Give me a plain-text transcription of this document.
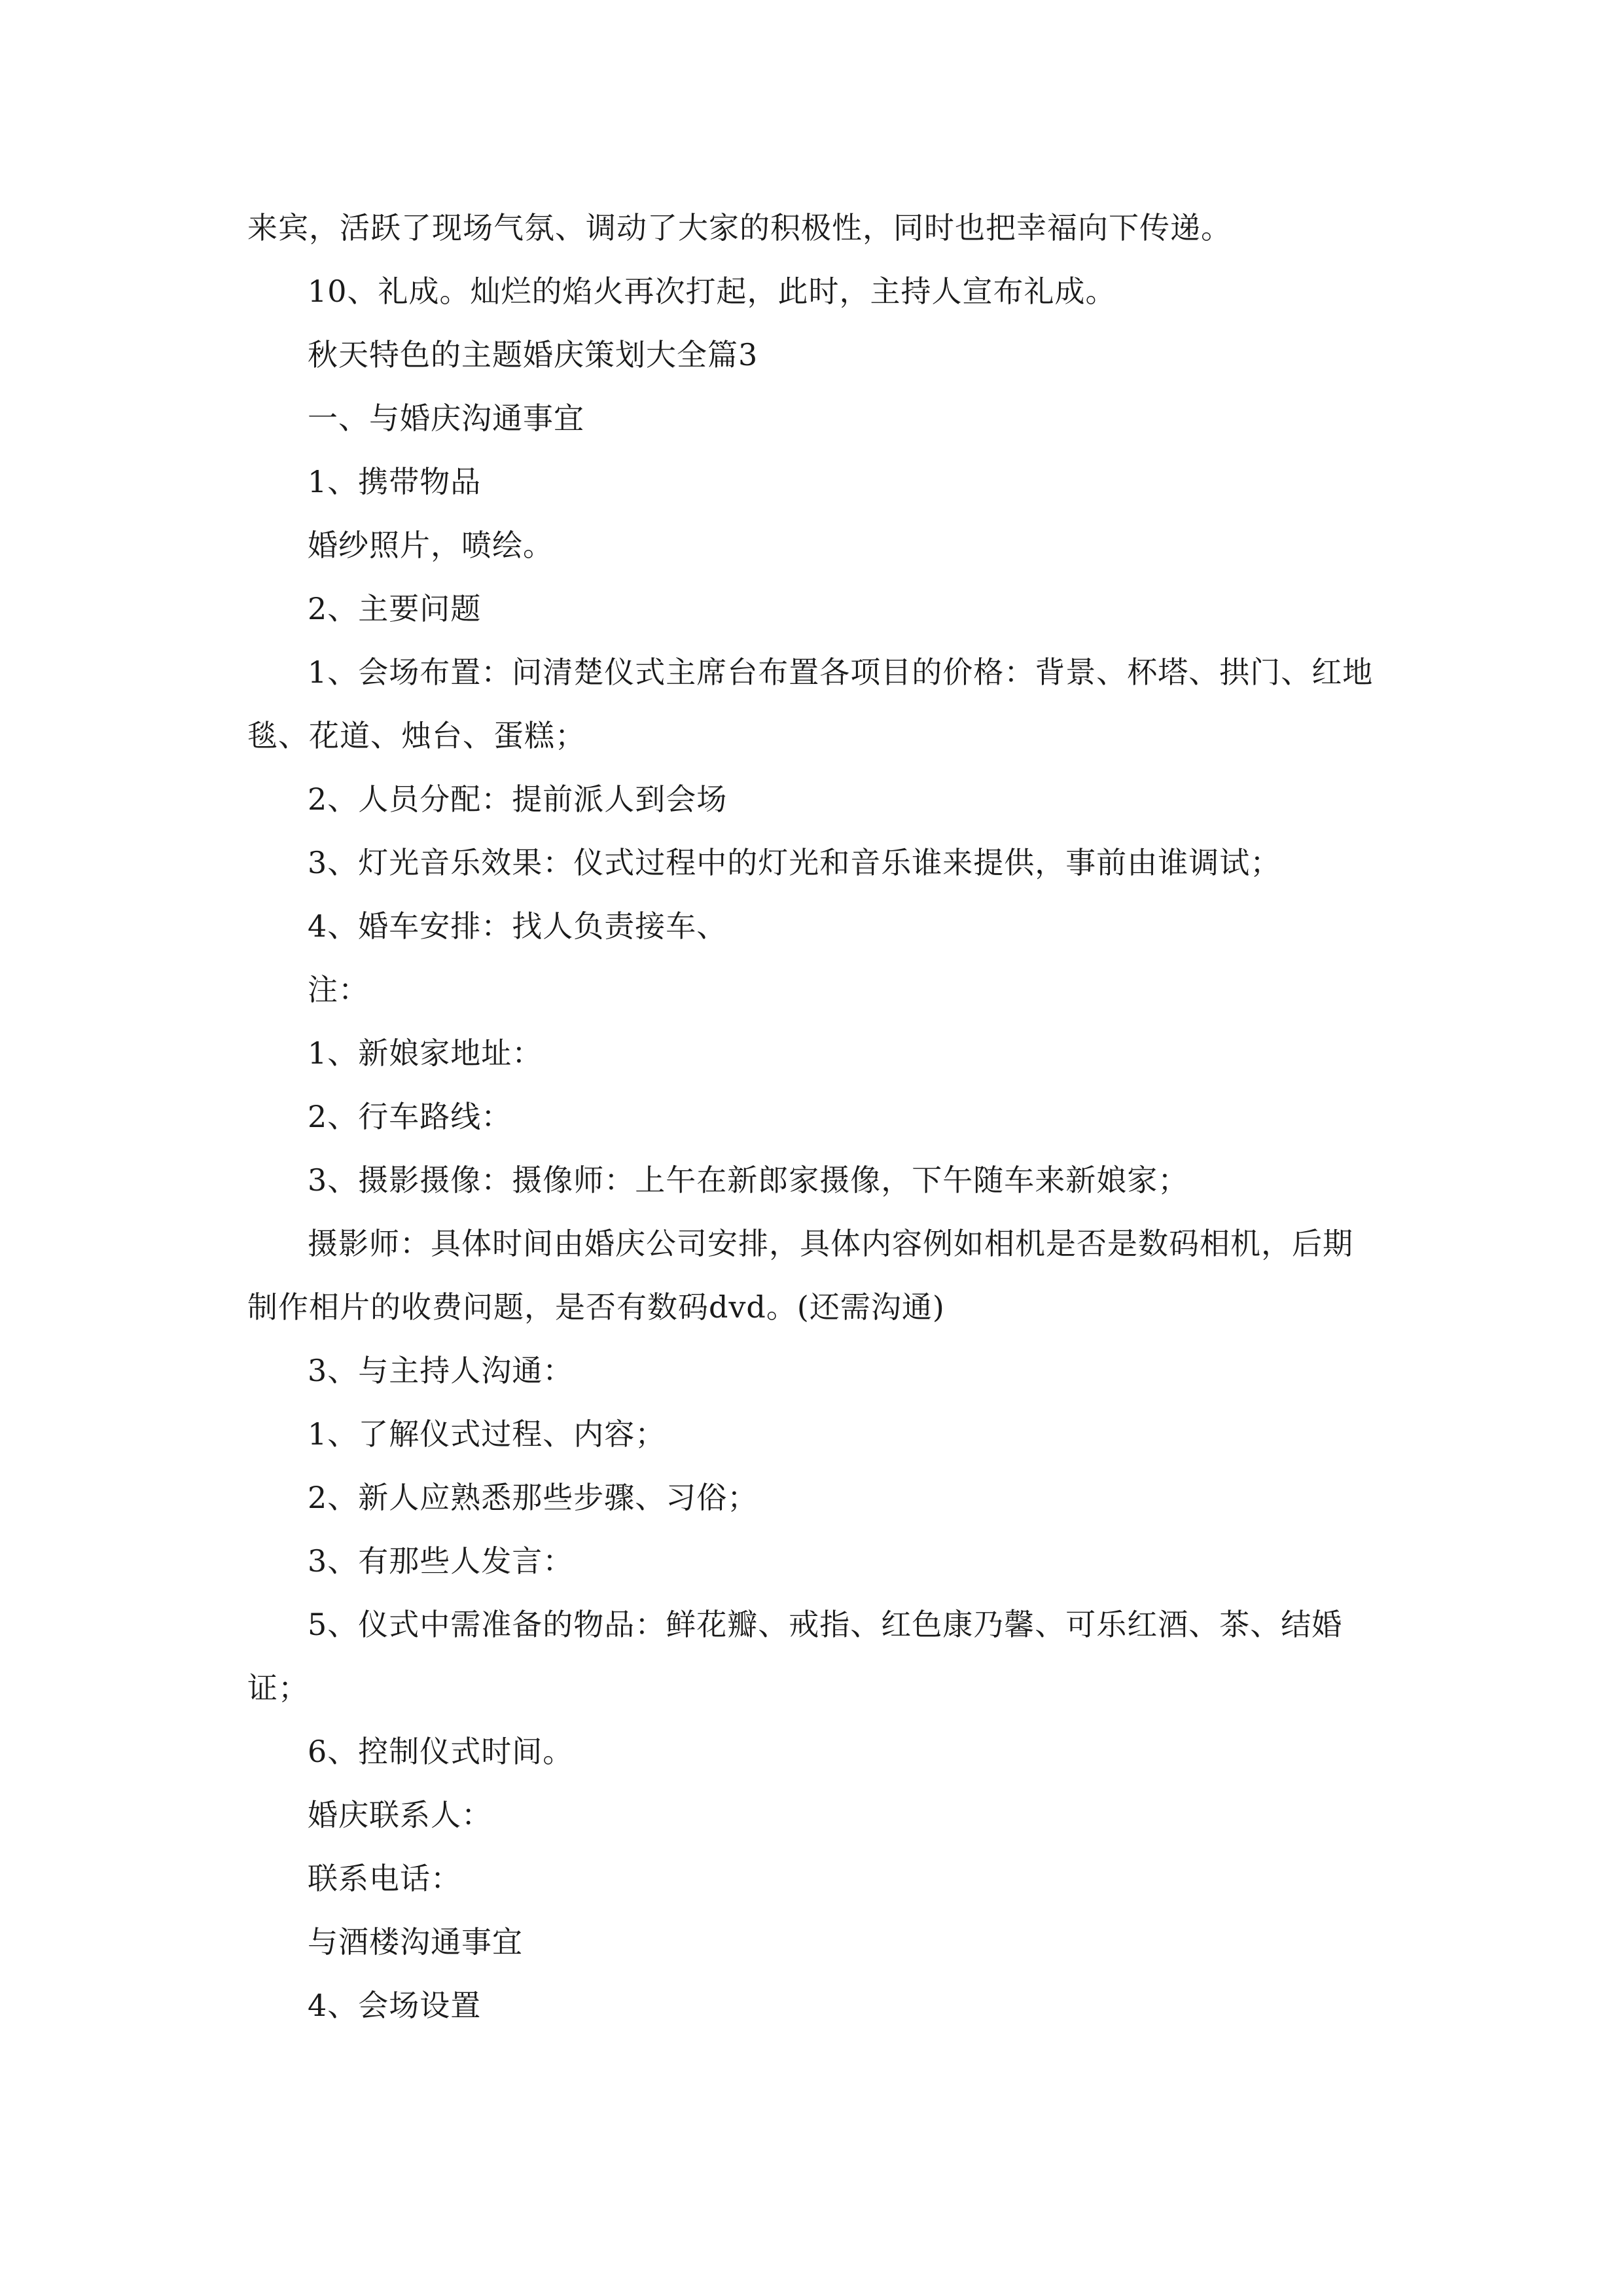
来宾，活跃了现场气氛、调动了大家的积极性，同时也把幸福向下传递。

10、礼成。灿烂的焰火再次打起，此时，主持人宣布礼成。

秋天特色的主题婚庆策划大全篇3

一、与婚庆沟通事宜

1、携带物品

婚纱照片，喷绘。

2、主要问题

1、会场布置：问清楚仪式主席台布置各项目的价格：背景、杯塔、拱门、红地毯、花道、烛台、蛋糕；

2、人员分配：提前派人到会场

3、灯光音乐效果：仪式过程中的灯光和音乐谁来提供，事前由谁调试；

4、婚车安排：找人负责接车、

注：

1、新娘家地址：

2、行车路线：

3、摄影摄像：摄像师：上午在新郎家摄像，下午随车来新娘家；

摄影师：具体时间由婚庆公司安排，具体内容例如相机是否是数码相机，后期制作相片的收费问题，是否有数码dvd。(还需沟通)

3、与主持人沟通：

1、了解仪式过程、内容；

2、新人应熟悉那些步骤、习俗；

3、有那些人发言：

5、仪式中需准备的物品：鲜花瓣、戒指、红色康乃馨、可乐红酒、茶、结婚证；

6、控制仪式时间。

婚庆联系人：

联系电话：

与酒楼沟通事宜

4、会场设置
